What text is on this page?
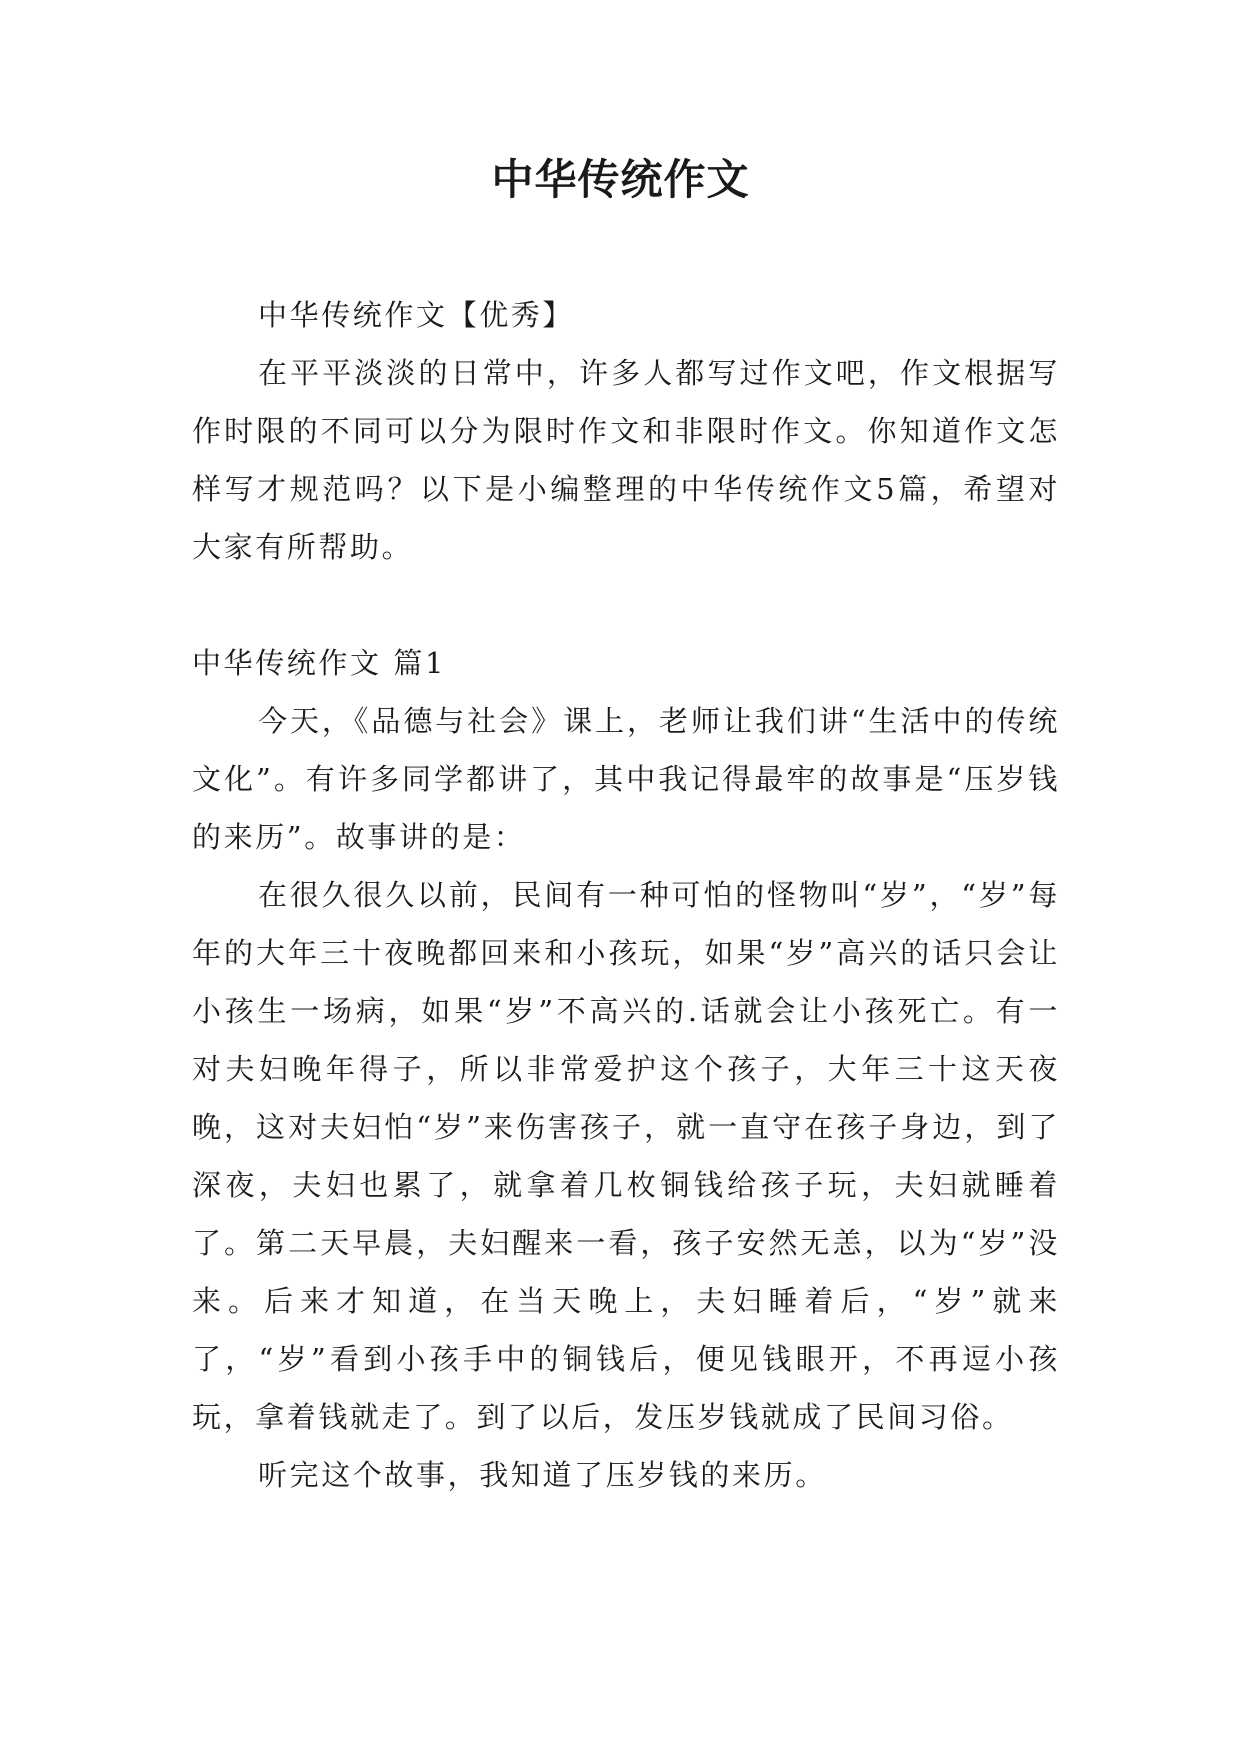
中华传统作文

中华传统作文【优秀】

在平平淡淡的日常中，许多人都写过作文吧，作文根据写作时限的不同可以分为限时作文和非限时作文。你知道作文怎样写才规范吗？以下是小编整理的中华传统作文5篇，希望对大家有所帮助。

中华传统作文 篇1

今天，《品德与社会》课上，老师让我们讲“生活中的传统文化”。有许多同学都讲了，其中我记得最牢的故事是“压岁钱的来历”。故事讲的是：

在很久很久以前，民间有一种可怕的怪物叫“岁”，“岁”每年的大年三十夜晚都回来和小孩玩，如果“岁”高兴的话只会让小孩生一场病，如果“岁”不高兴的.话就会让小孩死亡。有一对夫妇晚年得子，所以非常爱护这个孩子，大年三十这天夜晚，这对夫妇怕“岁”来伤害孩子，就一直守在孩子身边，到了深夜，夫妇也累了，就拿着几枚铜钱给孩子玩，夫妇就睡着了。第二天早晨，夫妇醒来一看，孩子安然无恙，以为“岁”没来。后来才知道，在当天晚上，夫妇睡着后，“岁”就来了，“岁”看到小孩手中的铜钱后，便见钱眼开，不再逗小孩玩，拿着钱就走了。到了以后，发压岁钱就成了民间习俗。

听完这个故事，我知道了压岁钱的来历。
